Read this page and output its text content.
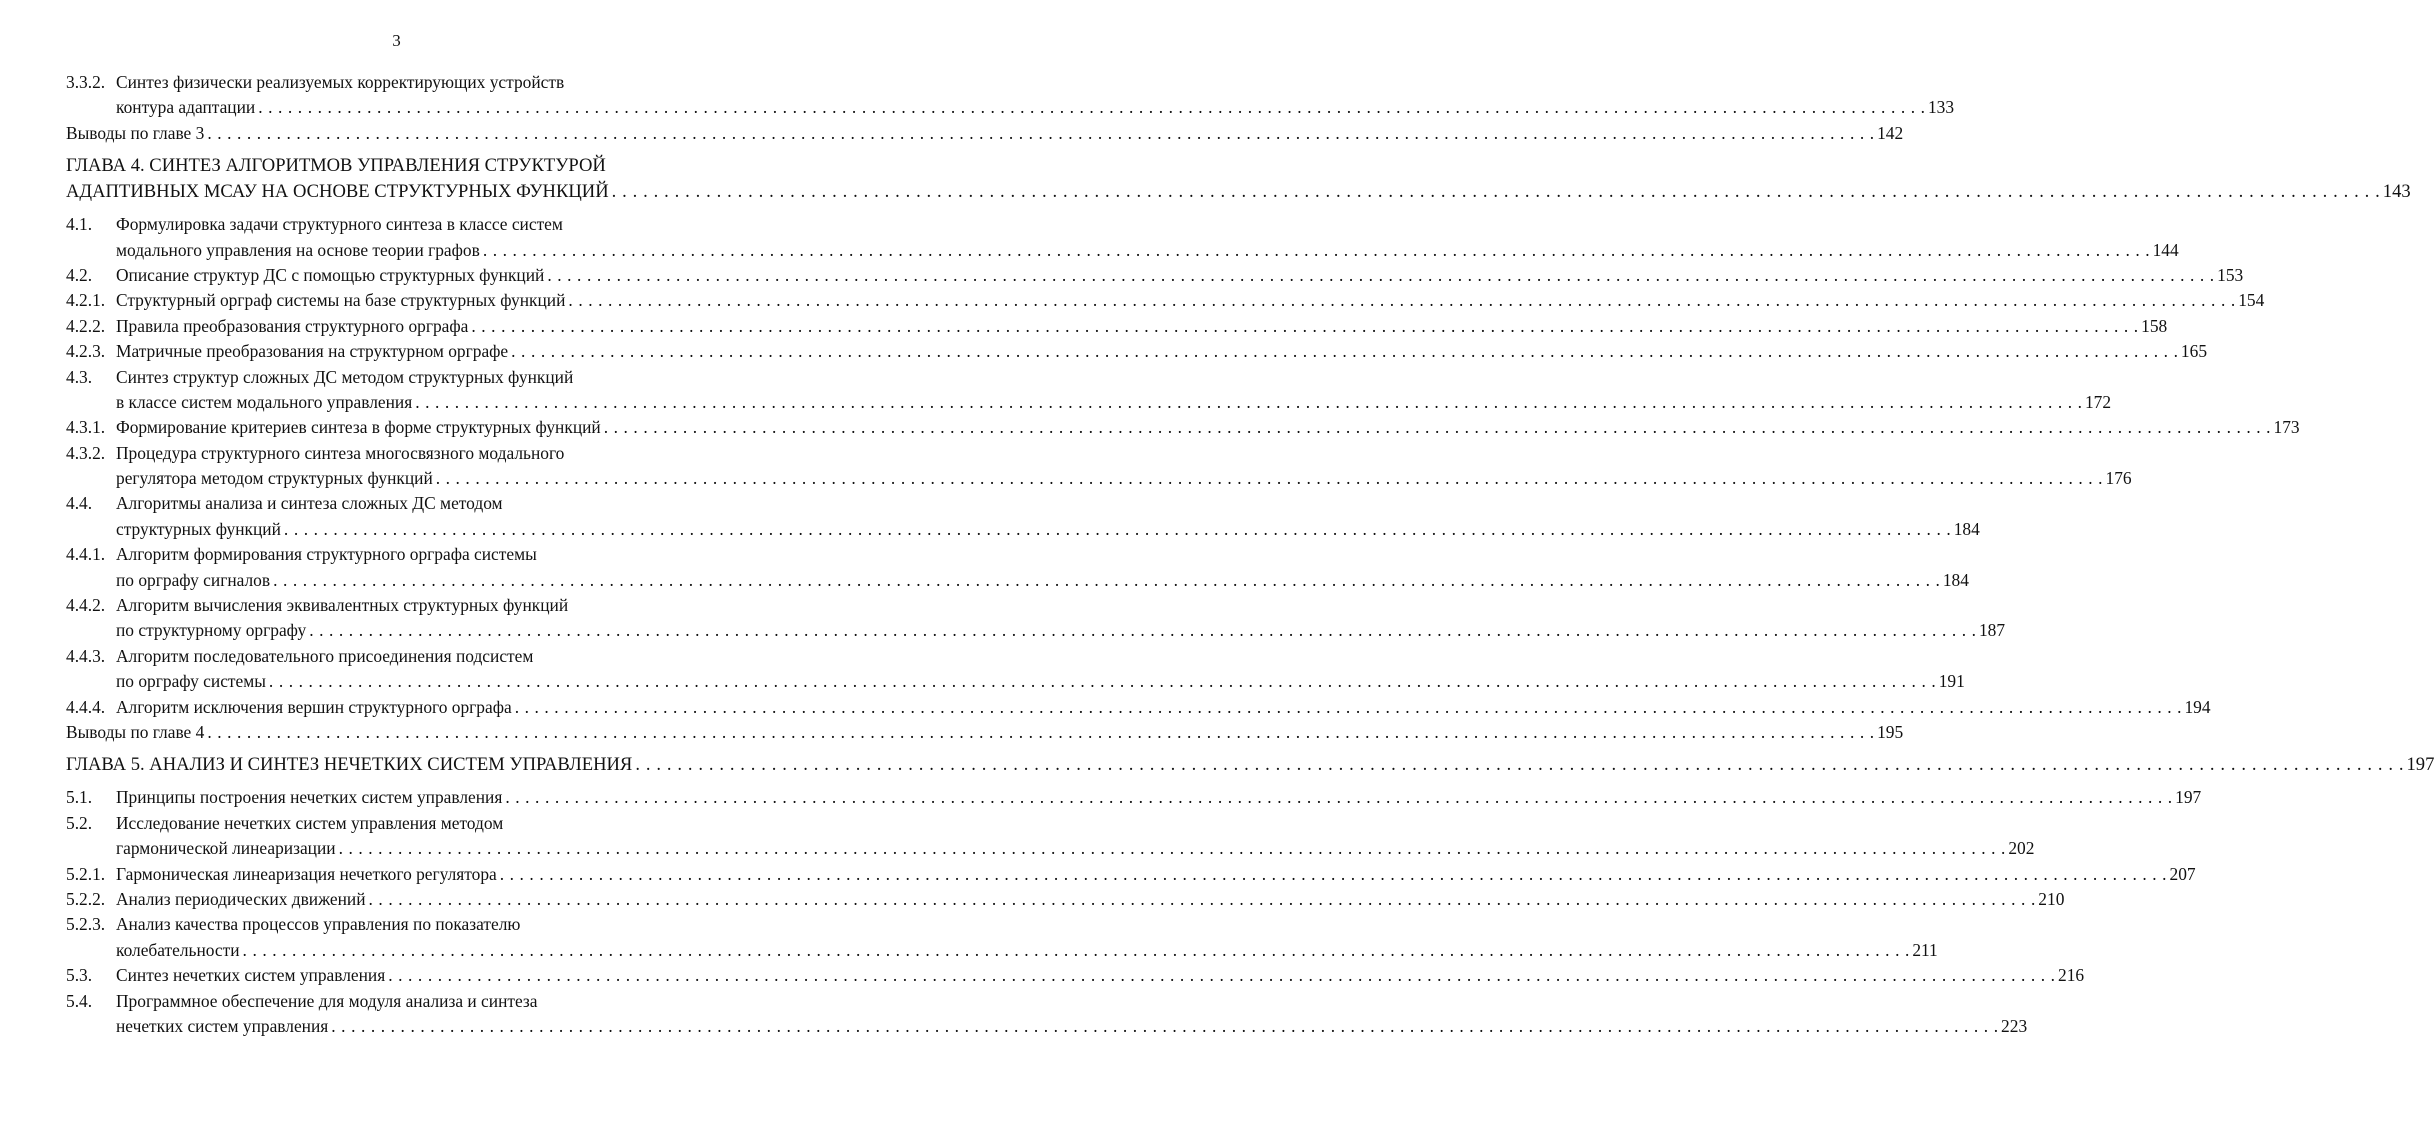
3
3.3.2. Синтез физически реализуемых корректирующих устройств
контура адаптации . . .	133
Выводы по главе 3 . . .	142
ГЛАВА 4. СИНТЕЗ АЛГОРИТМОВ УПРАВЛЕНИЯ СТРУКТУРОЙ
АДАПТИВНЫХ МСАУ НА ОСНОВЕ СТРУКТУРНЫХ ФУНКЦИЙ . . .	143
4.1.	Формулировка задачи структурного синтеза в классе систем
модального управления на основе теории графов . . .	144
4.2.	Описание структур ДС с помощью структурных функций . . .	153
4.2.1. Структурный орграф системы на базе структурных функций . . .	154
4.2.2. Правила преобразования структурного орграфа . . .	158
4.2.3. Матричные преобразования на структурном орграфе . . .	165
4.3.	Синтез структур сложных ДС методом структурных функций
в классе систем модального управления . . .	172
4.3.1. Формирование критериев синтеза в форме структурных функций . . .	173
4.3.2. Процедура структурного синтеза многосвязного модального
регулятора методом структурных функций . . .	176
4.4.	Алгоритмы анализа и синтеза сложных ДС методом
структурных функций . . .	184
4.4.1. Алгоритм формирования структурного орграфа системы
по орграфу сигналов . . .	184
4.4.2. Алгоритм вычисления эквивалентных структурных функций
по структурному орграфу . . .	187
4.4.3. Алгоритм последовательного присоединения подсистем
по орграфу системы . . .	191
4.4.4. Алгоритм исключения вершин структурного орграфа . . .	194
Выводы по главе 4 . . .	195
ГЛАВА 5. АНАЛИЗ И СИНТЕЗ НЕЧЕТКИХ СИСТЕМ УПРАВЛЕНИЯ . . .	197
5.1.	Принципы построения нечетких систем управления . . .	197
5.2.	Исследование нечетких систем управления методом
гармонической линеаризации . . .	202
5.2.1. Гармоническая линеаризация нечеткого регулятора . . .	207
5.2.2. Анализ периодических движений . . .	210
5.2.3. Анализ качества процессов управления по показателю
колебательности . . .	211
5.3.	Синтез нечетких систем управления . . .	216
5.4.	Программное обеспечение для модуля анализа и синтеза
нечетких систем управления . . .	223
